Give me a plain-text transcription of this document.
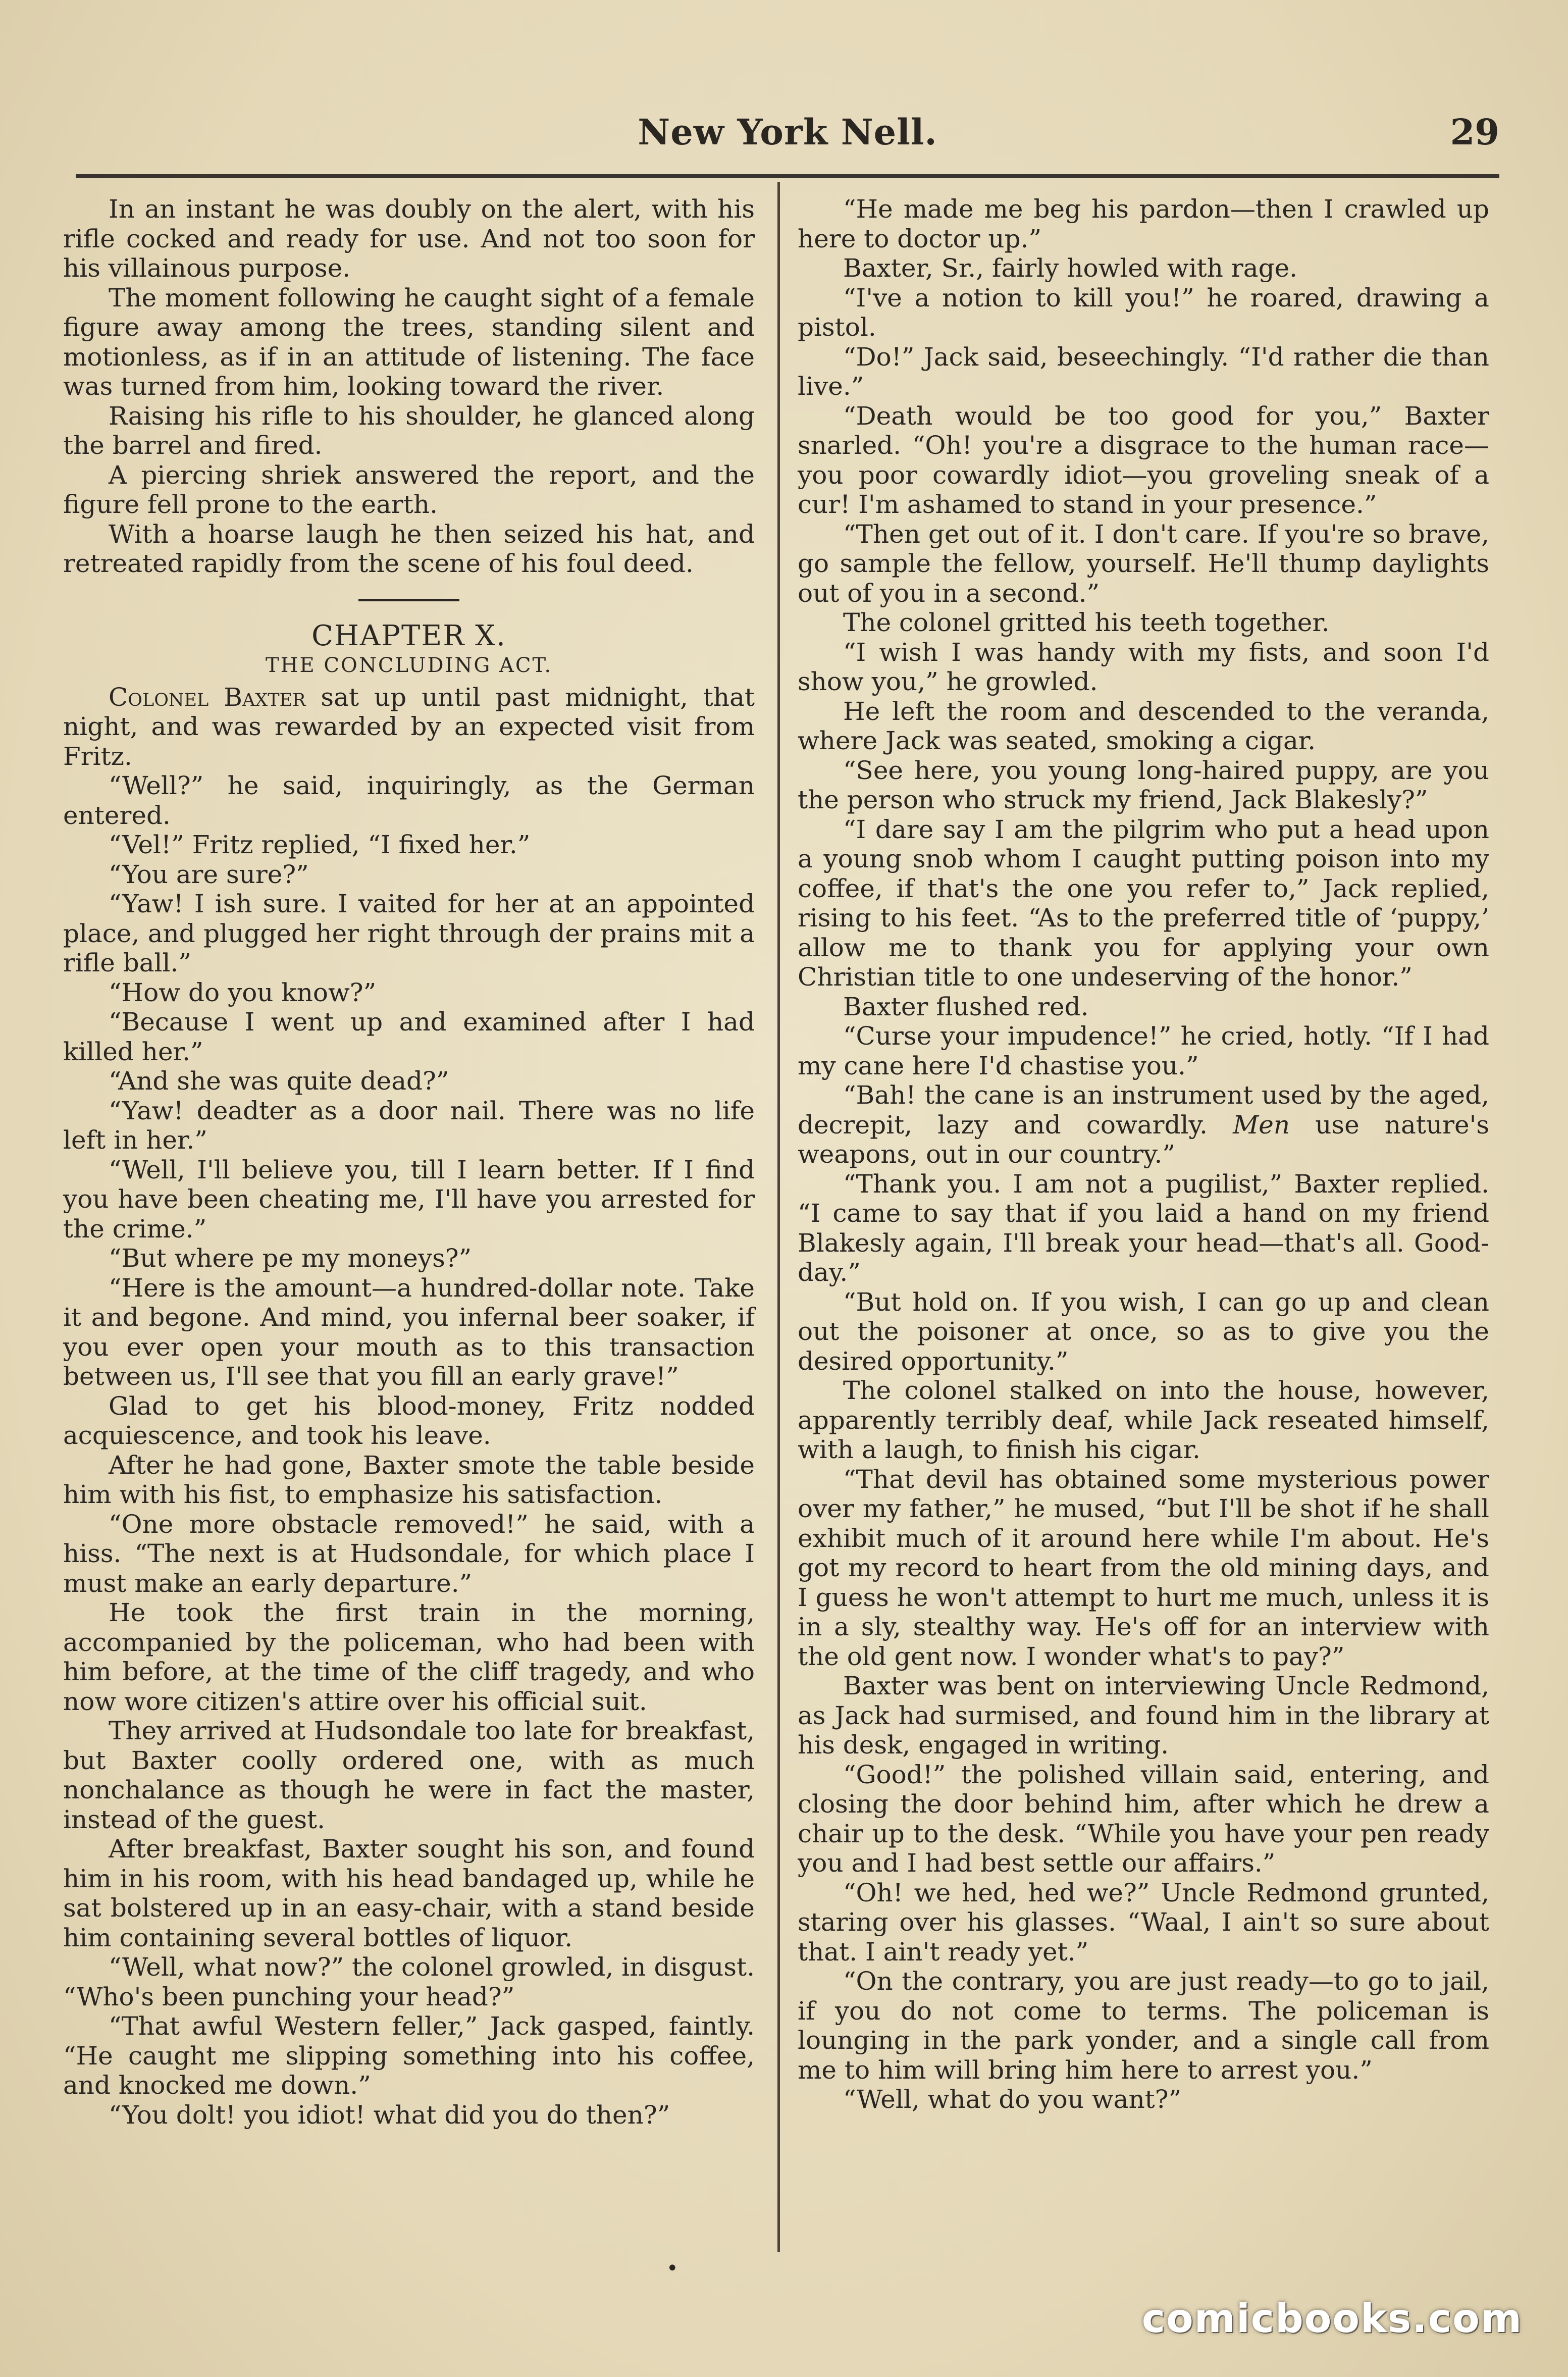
New York Nell.	29

In an instant he was doubly on the alert, with his rifle cocked and ready for use. And not too soon for his villainous purpose.

The moment following he caught sight of a female figure away among the trees, standing silent and motionless, as if in an attitude of listening. The face was turned from him, looking toward the river.

Raising his rifle to his shoulder, he glanced along the barrel and fired.

A piercing shriek answered the report, and the figure fell prone to the earth.

With a hoarse laugh he then seized his hat, and retreated rapidly from the scene of his foul deed.

CHAPTER X.

THE CONCLUDING ACT.

Colonel Baxter sat up until past midnight, that night, and was rewarded by an expected visit from Fritz.

“Well?” he said, inquiringly, as the German entered.

“Vel!” Fritz replied, “I fixed her.”

“You are sure?”

“Yaw! I ish sure. I vaited for her at an appointed place, and plugged her right through der prains mit a rifle ball.”

“How do you know?”

“Because I went up and examined after I had killed her.”

“And she was quite dead?”

“Yaw! deadter as a door nail. There was no life left in her.”

“Well, I'll believe you, till I learn better. If I find you have been cheating me, I'll have you arrested for the crime.”

“But where pe my moneys?”

“Here is the amount—a hundred-dollar note. Take it and begone. And mind, you infernal beer soaker, if you ever open your mouth as to this transaction between us, I'll see that you fill an early grave!”

Glad to get his blood-money, Fritz nodded acquiescence, and took his leave.

After he had gone, Baxter smote the table beside him with his fist, to emphasize his satisfaction.

“One more obstacle removed!” he said, with a hiss. “The next is at Hudsondale, for which place I must make an early departure.”

He took the first train in the morning, accompanied by the policeman, who had been with him before, at the time of the cliff tragedy, and who now wore citizen's attire over his official suit.

They arrived at Hudsondale too late for breakfast, but Baxter coolly ordered one, with as much nonchalance as though he were in fact the master, instead of the guest.

After breakfast, Baxter sought his son, and found him in his room, with his head bandaged up, while he sat bolstered up in an easy-chair, with a stand beside him containing several bottles of liquor.

“Well, what now?” the colonel growled, in disgust. “Who's been punching your head?”

“That awful Western feller,” Jack gasped, faintly. “He caught me slipping something into his coffee, and knocked me down.”

“You dolt! you idiot! what did you do then?”

“He made me beg his pardon—then I crawled up here to doctor up.”

Baxter, Sr., fairly howled with rage.

“I've a notion to kill you!” he roared, drawing a pistol.

“Do!” Jack said, beseechingly. “I'd rather die than live.”

“Death would be too good for you,” Baxter snarled. “Oh! you're a disgrace to the human race—you poor cowardly idiot—you groveling sneak of a cur! I'm ashamed to stand in your presence.”

“Then get out of it. I don't care. If you're so brave, go sample the fellow, yourself. He'll thump daylights out of you in a second.”

The colonel gritted his teeth together.

“I wish I was handy with my fists, and soon I'd show you,” he growled.

He left the room and descended to the veranda, where Jack was seated, smoking a cigar.

“See here, you young long-haired puppy, are you the person who struck my friend, Jack Blakesly?”

“I dare say I am the pilgrim who put a head upon a young snob whom I caught putting poison into my coffee, if that's the one you refer to,” Jack replied, rising to his feet. “As to the preferred title of ‘puppy,’ allow me to thank you for applying your own Christian title to one undeserving of the honor.”

Baxter flushed red.

“Curse your impudence!” he cried, hotly. “If I had my cane here I'd chastise you.”

“Bah! the cane is an instrument used by the aged, decrepit, lazy and cowardly. Men use nature's weapons, out in our country.”

“Thank you. I am not a pugilist,” Baxter replied. “I came to say that if you laid a hand on my friend Blakesly again, I'll break your head—that's all. Good-day.”

“But hold on. If you wish, I can go up and clean out the poisoner at once, so as to give you the desired opportunity.”

The colonel stalked on into the house, however, apparently terribly deaf, while Jack reseated himself, with a laugh, to finish his cigar.

“That devil has obtained some mysterious power over my father,” he mused, “but I'll be shot if he shall exhibit much of it around here while I'm about. He's got my record to heart from the old mining days, and I guess he won't attempt to hurt me much, unless it is in a sly, stealthy way. He's off for an interview with the old gent now. I wonder what's to pay?”

Baxter was bent on interviewing Uncle Redmond, as Jack had surmised, and found him in the library at his desk, engaged in writing.

“Good!” the polished villain said, entering, and closing the door behind him, after which he drew a chair up to the desk. “While you have your pen ready you and I had best settle our affairs.”

“Oh! we hed, hed we?” Uncle Redmond grunted, staring over his glasses. “Waal, I ain't so sure about that. I ain't ready yet.”

“On the contrary, you are just ready—to go to jail, if you do not come to terms. The policeman is lounging in the park yonder, and a single call from me to him will bring him here to arrest you.”

“Well, what do you want?”

•
comicbooks.com
